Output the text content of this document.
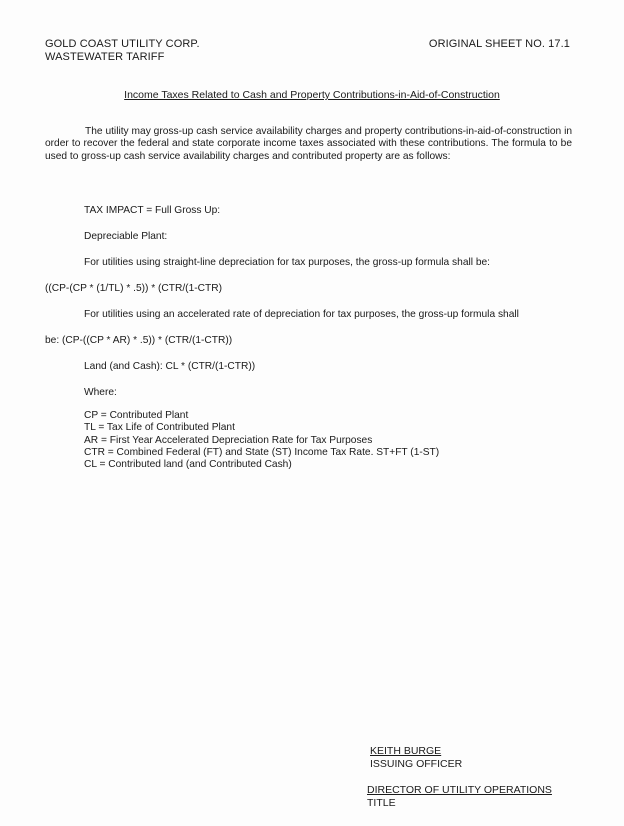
GOLD COAST UTILITY CORP.
WASTEWATER TARIFF
ORIGINAL SHEET NO. 17.1
Income Taxes Related to Cash and Property Contributions-in-Aid-of-Construction
The utility may gross-up cash service availability charges and property contributions-in-aid-of-construction in order to recover the federal and state corporate income taxes associated with these contributions. The formula to be used to gross-up cash service availability charges and contributed property are as follows:
TAX IMPACT = Full Gross Up:
Depreciable Plant:
For utilities using straight-line depreciation for tax purposes, the gross-up formula shall be:
((CP-(CP * (1/TL) * .5)) * (CTR/(1-CTR)
For utilities using an accelerated rate of depreciation for tax purposes, the gross-up formula shall
be: (CP-((CP * AR) * .5)) * (CTR/(1-CTR))
Land (and Cash): CL * (CTR/(1-CTR))
Where:
CP = Contributed Plant
TL = Tax Life of Contributed Plant
AR = First Year Accelerated Depreciation Rate for Tax Purposes
CTR = Combined Federal (FT) and State (ST) Income Tax Rate. ST+FT (1-ST)
CL = Contributed land (and Contributed Cash)
KEITH BURGE
ISSUING OFFICER
DIRECTOR OF UTILITY OPERATIONS
TITLE
